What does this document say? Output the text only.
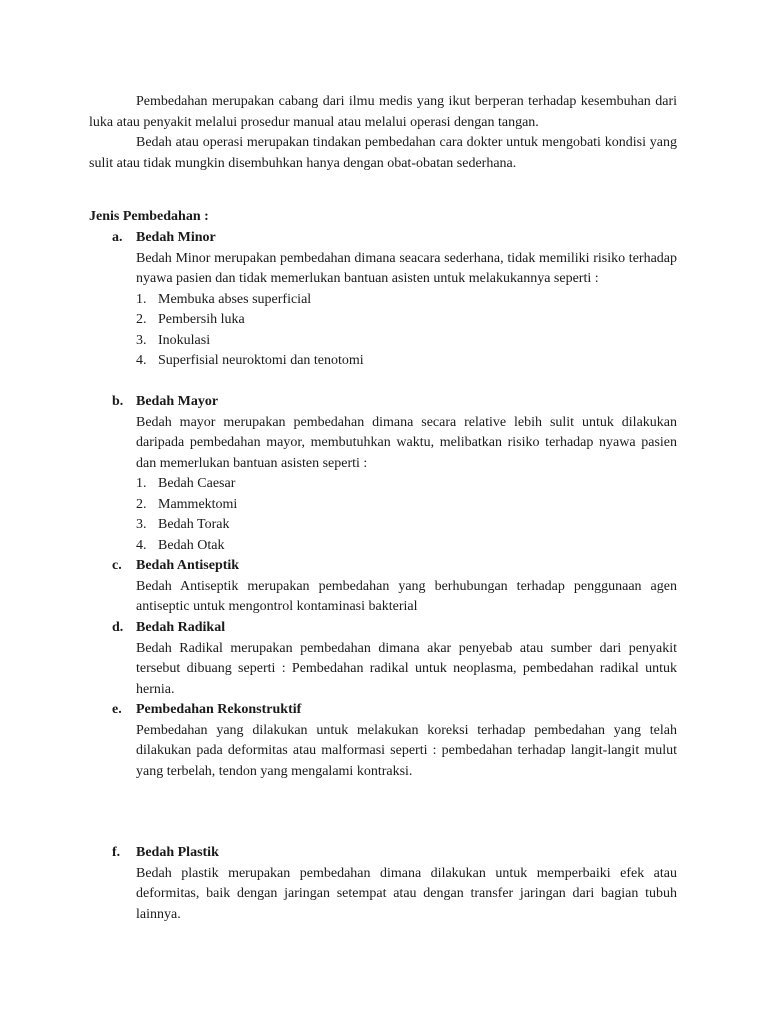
Pembedahan merupakan cabang dari ilmu medis yang ikut berperan terhadap kesembuhan dari luka atau penyakit melalui prosedur manual atau melalui operasi dengan tangan.

Bedah atau operasi merupakan tindakan pembedahan cara dokter untuk mengobati kondisi yang sulit atau tidak mungkin disembuhkan hanya dengan obat-obatan sederhana.

Jenis Pembedahan :
a. Bedah Minor

Bedah Minor merupakan pembedahan dimana seacara sederhana, tidak memiliki risiko terhadap nyawa pasien dan tidak memerlukan bantuan asisten untuk melakukannya seperti :

1. Membuka abses superficial
2. Pembersih luka
3. Inokulasi
4. Superfisial neuroktomi dan tenotomi
b. Bedah Mayor

Bedah mayor merupakan pembedahan dimana secara relative lebih sulit untuk dilakukan daripada pembedahan mayor, membutuhkan waktu, melibatkan risiko terhadap nyawa pasien dan memerlukan bantuan asisten seperti :

1. Bedah Caesar
2. Mammektomi
3. Bedah Torak
4. Bedah Otak
c.	Bedah Antiseptik

Bedah Antiseptik merupakan pembedahan yang berhubungan terhadap penggunaan agen antiseptic untuk mengontrol kontaminasi bakterial

d. Bedah Radikal

Bedah Radikal merupakan pembedahan dimana akar penyebab atau sumber dari penyakit tersebut dibuang seperti : Pembedahan radikal untuk neoplasma, pembedahan radikal untuk hernia.

e.	Pembedahan Rekonstruktif

Pembedahan yang dilakukan untuk melakukan koreksi terhadap pembedahan yang telah dilakukan pada deformitas atau malformasi seperti : pembedahan terhadap langit-langit mulut yang terbelah, tendon yang mengalami kontraksi.

f.	Bedah Plastik

Bedah plastik merupakan pembedahan dimana dilakukan untuk memperbaiki efek atau deformitas, baik dengan jaringan setempat atau dengan transfer jaringan dari bagian tubuh lainnya.
